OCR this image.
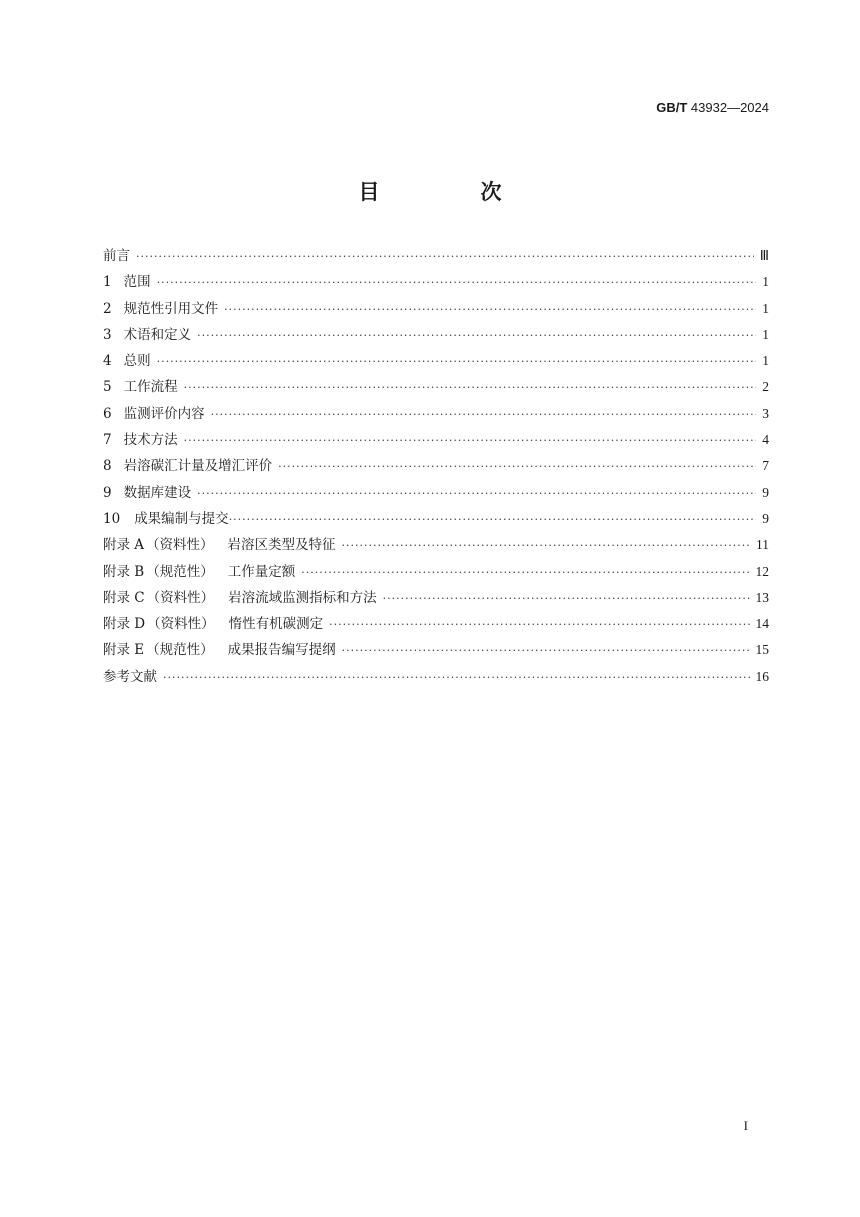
GB/T 43932—2024
目　次
前言 ·····	Ⅲ
1 范围 ·····	1
2 规范性引用文件 ·····	1
3 术语和定义 ·····	1
4 总则 ·····	1
5 工作流程 ·····	2
6 监测评价内容 ·····	3
7 技术方法 ·····	4
8 岩溶碳汇计量及增汇评价 ·····	7
9 数据库建设 ·····	9
10 成果编制与提交 ·····	9
附录 A （资料性） 岩溶区类型及特征 ·····	11
附录 B （规范性） 工作量定额 ·····	12
附录 C （资料性） 岩溶流域监测指标和方法 ·····	13
附录 D （资料性） 惰性有机碳测定 ·····	14
附录 E （规范性） 成果报告编写提纲 ·····	15
参考文献 ·····	16
I
